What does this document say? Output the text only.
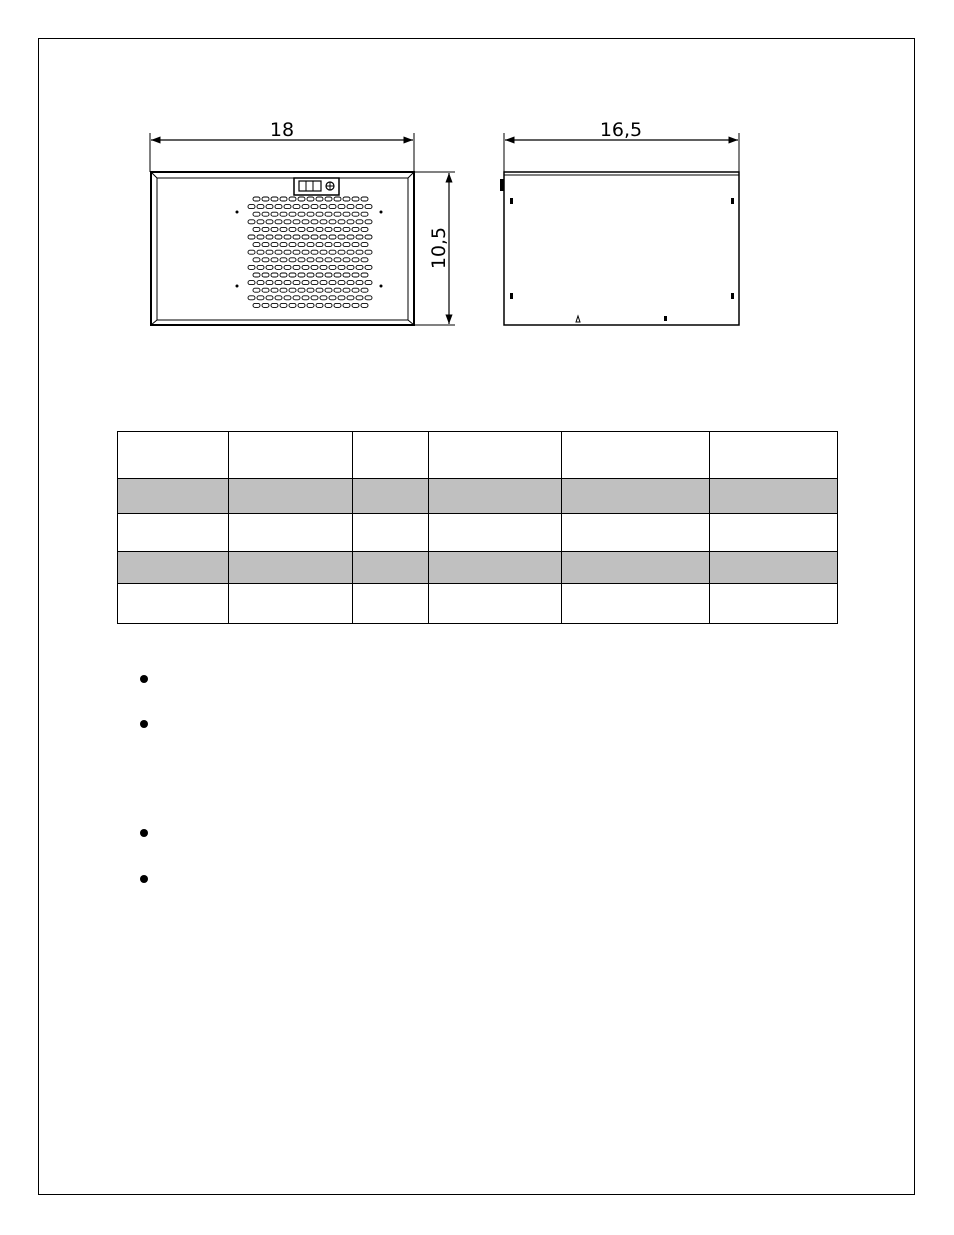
18
10,5
16,5
